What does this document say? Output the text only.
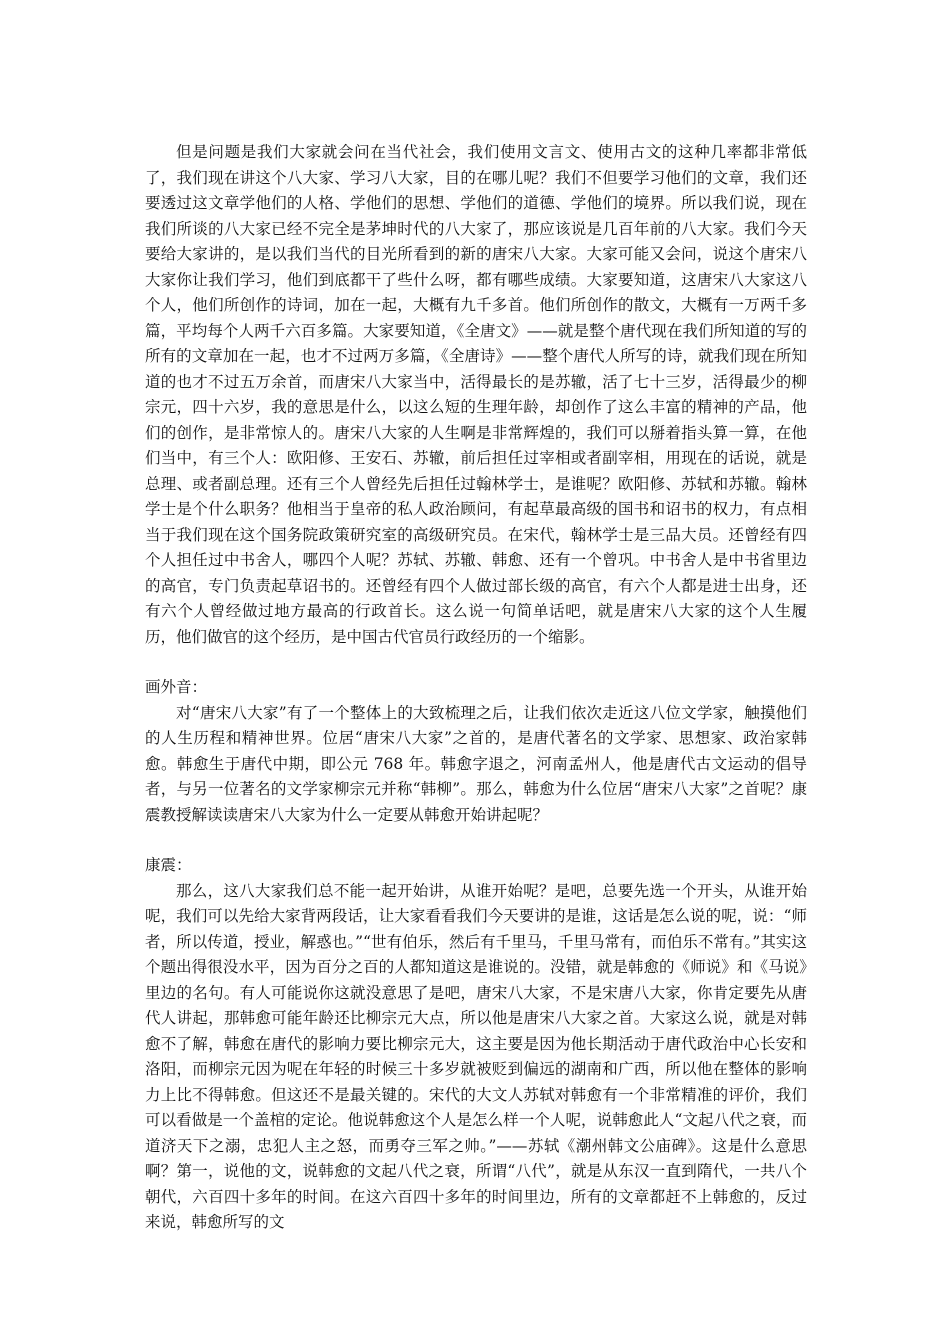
但是问题是我们大家就会问在当代社会，我们使用文言文、使用古文的这种几率都非常低了，我们现在讲这个八大家、学习八大家，目的在哪儿呢？我们不但要学习他们的文章，我们还要透过这文章学他们的人格、学他们的思想、学他们的道德、学他们的境界。所以我们说，现在我们所谈的八大家已经不完全是茅坤时代的八大家了，那应该说是几百年前的八大家。我们今天要给大家讲的，是以我们当代的目光所看到的新的唐宋八大家。大家可能又会问，说这个唐宋八大家你让我们学习，他们到底都干了些什么呀，都有哪些成绩。大家要知道，这唐宋八大家这八个人，他们所创作的诗词，加在一起，大概有九千多首。他们所创作的散文，大概有一万两千多篇，平均每个人两千六百多篇。大家要知道，《全唐文》——就是整个唐代现在我们所知道的写的所有的文章加在一起，也才不过两万多篇，《全唐诗》——整个唐代人所写的诗，就我们现在所知道的也才不过五万余首，而唐宋八大家当中，活得最长的是苏辙，活了七十三岁，活得最少的柳宗元，四十六岁，我的意思是什么，以这么短的生理年龄，却创作了这么丰富的精神的产品，他们的创作，是非常惊人的。唐宋八大家的人生啊是非常辉煌的，我们可以掰着指头算一算，在他们当中，有三个人：欧阳修、王安石、苏辙，前后担任过宰相或者副宰相，用现在的话说，就是总理、或者副总理。还有三个人曾经先后担任过翰林学士，是谁呢？欧阳修、苏轼和苏辙。翰林学士是个什么职务？他相当于皇帝的私人政治顾问，有起草最高级的国书和诏书的权力，有点相当于我们现在这个国务院政策研究室的高级研究员。在宋代，翰林学士是三品大员。还曾经有四个人担任过中书舍人，哪四个人呢？苏轼、苏辙、韩愈、还有一个曾巩。中书舍人是中书省里边的高官，专门负责起草诏书的。还曾经有四个人做过部长级的高官，有六个人都是进士出身，还有六个人曾经做过地方最高的行政首长。这么说一句简单话吧，就是唐宋八大家的这个人生履历，他们做官的这个经历，是中国古代官员行政经历的一个缩影。

画外音：

对“唐宋八大家”有了一个整体上的大致梳理之后，让我们依次走近这八位文学家，触摸他们的人生历程和精神世界。位居“唐宋八大家”之首的，是唐代著名的文学家、思想家、政治家韩愈。韩愈生于唐代中期，即公元 768 年。韩愈字退之，河南孟州人，他是唐代古文运动的倡导者，与另一位著名的文学家柳宗元并称“韩柳”。那么，韩愈为什么位居“唐宋八大家”之首呢？康震教授解读读唐宋八大家为什么一定要从韩愈开始讲起呢？

康震：

那么，这八大家我们总不能一起开始讲，从谁开始呢？是吧，总要先选一个开头，从谁开始呢，我们可以先给大家背两段话，让大家看看我们今天要讲的是谁，这话是怎么说的呢，说：“师者，所以传道，授业，解惑也。”“世有伯乐，然后有千里马，千里马常有，而伯乐不常有。”其实这个题出得很没水平，因为百分之百的人都知道这是谁说的。没错，就是韩愈的《师说》和《马说》里边的名句。有人可能说你这就没意思了是吧，唐宋八大家，不是宋唐八大家，你肯定要先从唐代人讲起，那韩愈可能年龄还比柳宗元大点，所以他是唐宋八大家之首。大家这么说，就是对韩愈不了解，韩愈在唐代的影响力要比柳宗元大，这主要是因为他长期活动于唐代政治中心长安和洛阳，而柳宗元因为呢在年轻的时候三十多岁就被贬到偏远的湖南和广西，所以他在整体的影响力上比不得韩愈。但这还不是最关键的。宋代的大文人苏轼对韩愈有一个非常精准的评价，我们可以看做是一个盖棺的定论。他说韩愈这个人是怎么样一个人呢，说韩愈此人“文起八代之衰，而道济天下之溺，忠犯人主之怒，而勇夺三军之帅。”——苏轼《潮州韩文公庙碑》。这是什么意思啊？第一，说他的文，说韩愈的文起八代之衰，所谓“八代”，就是从东汉一直到隋代，一共八个朝代，六百四十多年的时间。在这六百四十多年的时间里边，所有的文章都赶不上韩愈的，反过来说，韩愈所写的文
